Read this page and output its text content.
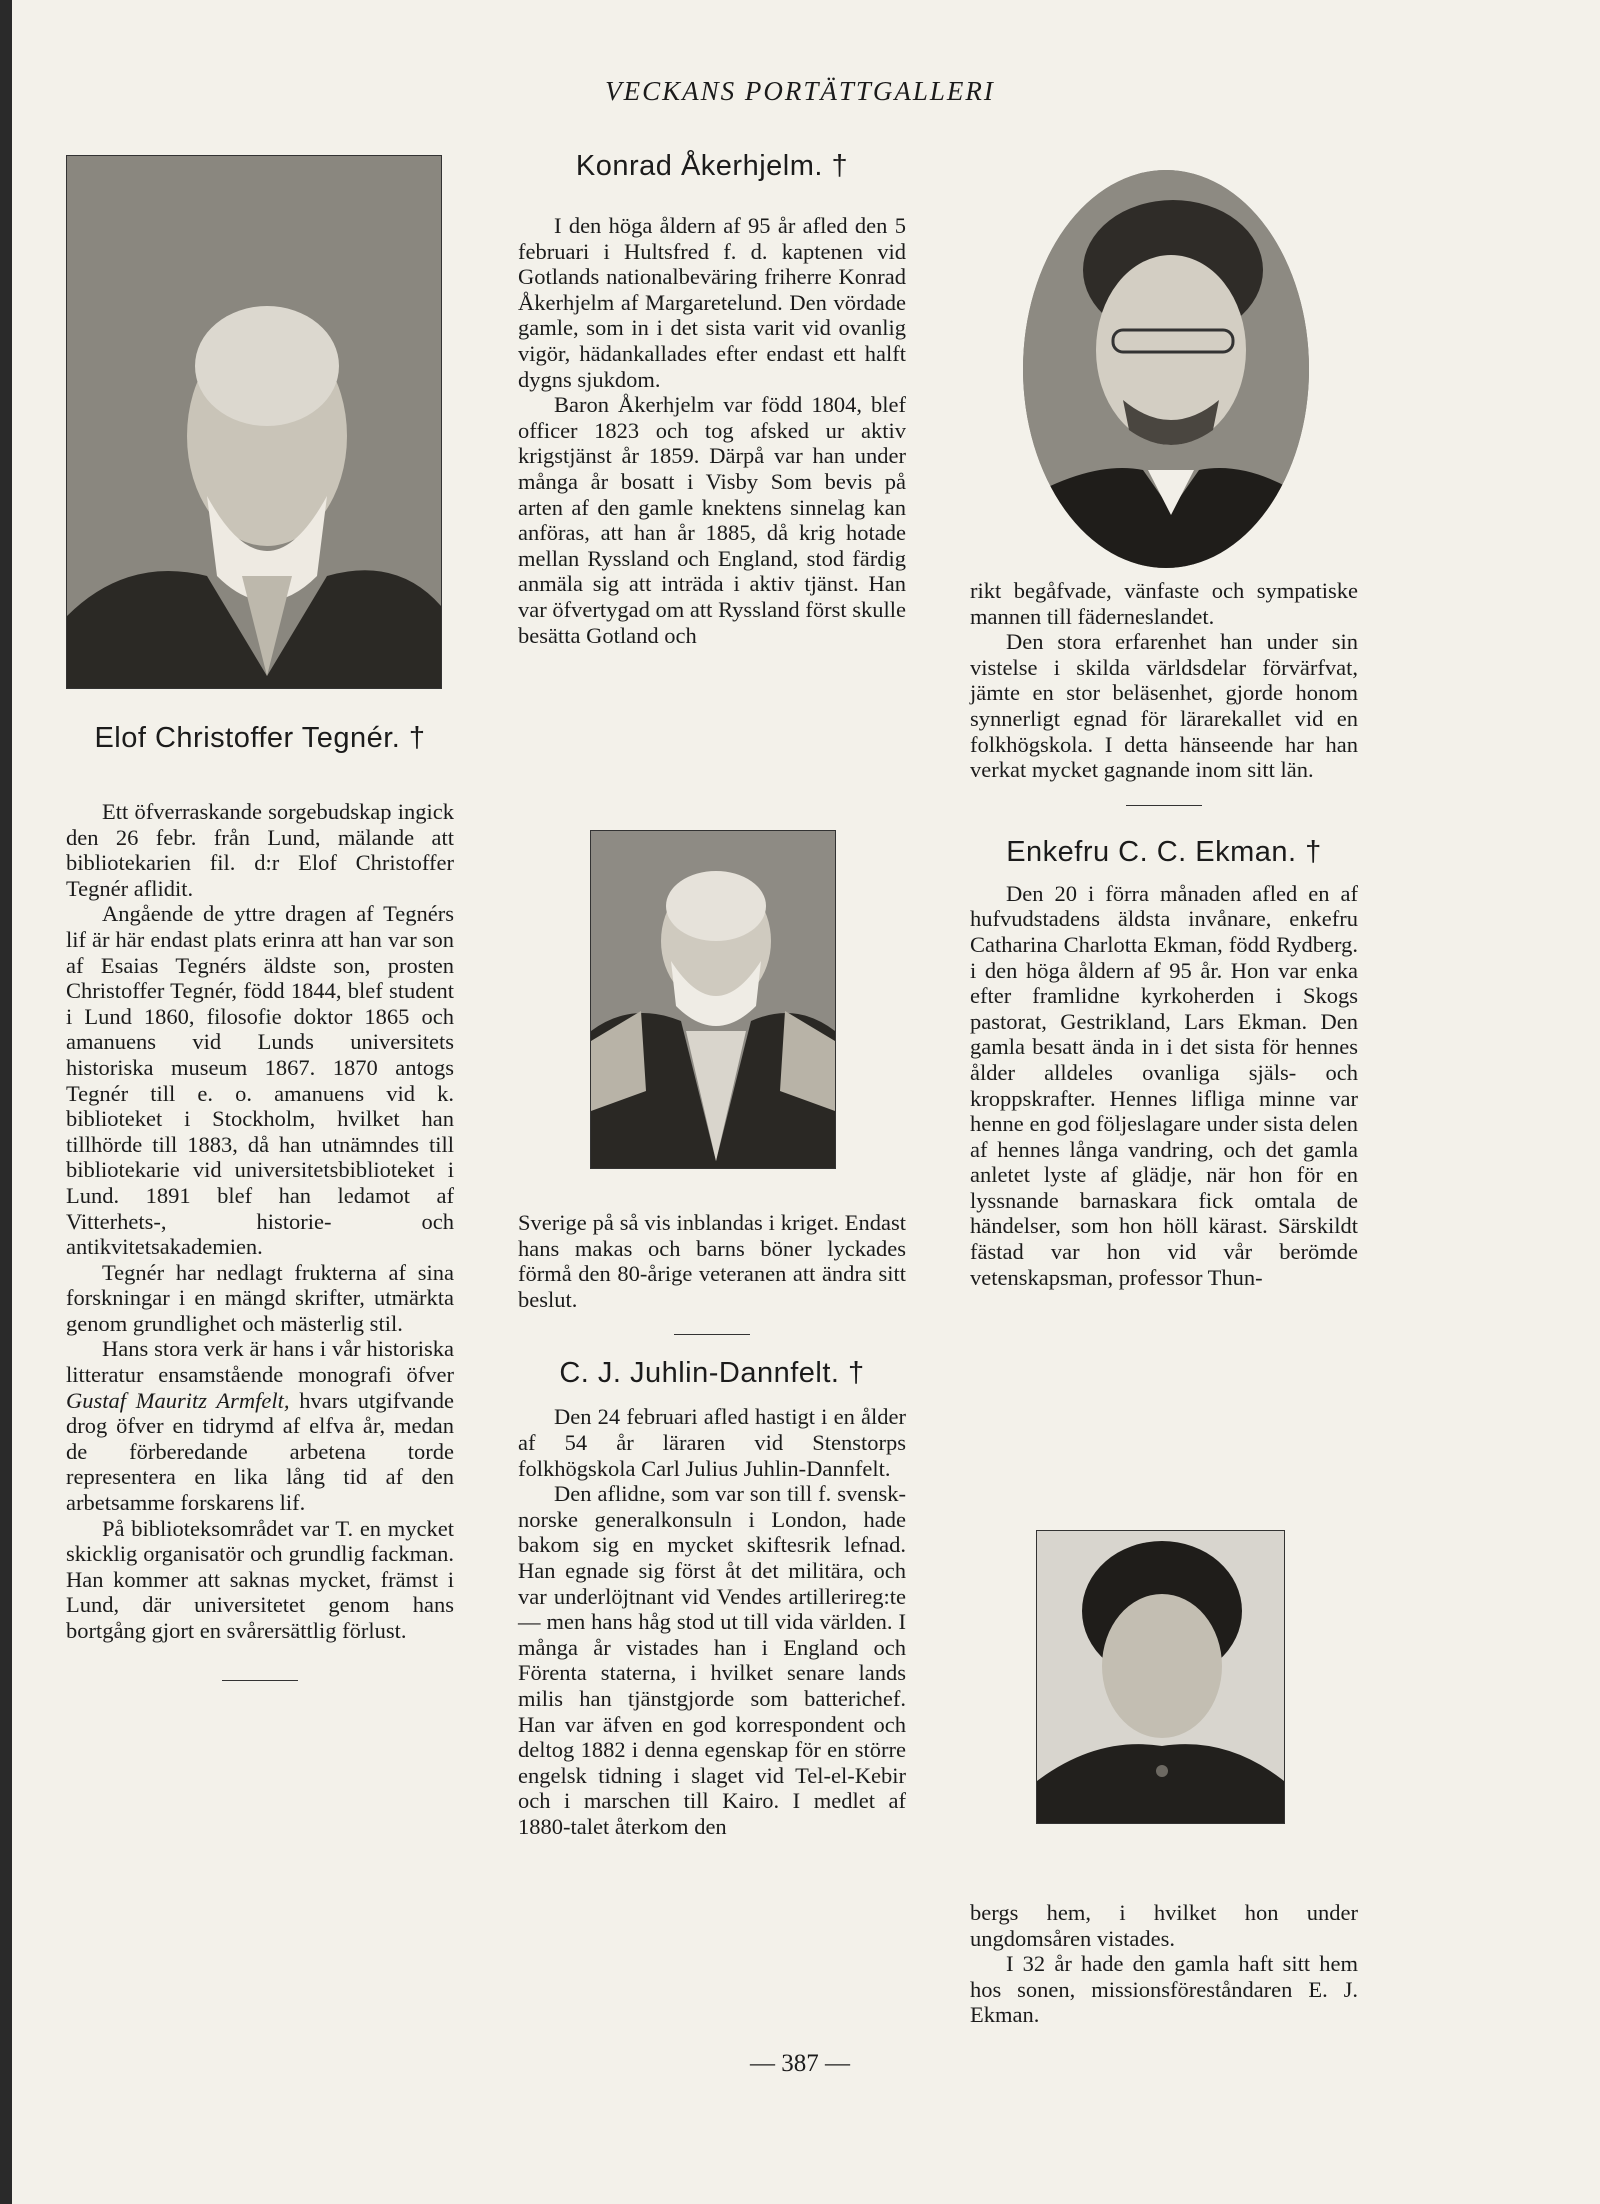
VECKANS PORTÄTTGALLERI
Elof Christoffer Tegnér. †

Ett öfverraskande sorgebudskap ingick den 26 febr. från Lund, mälande att bibliotekarien fil. d:r Elof Christoffer Tegnér aflidit.

Angående de yttre dragen af Tegnérs lif är här endast plats erinra att han var son af Esaias Tegnérs äldste son, prosten Christoffer Tegnér, född 1844, blef student i Lund 1860, filosofie doktor 1865 och amanuens vid Lunds universitets historiska museum 1867. 1870 antogs Tegnér till e. o. amanuens vid k. biblioteket i Stockholm, hvilket han tillhörde till 1883, då han utnämndes till bibliotekarie vid universitetsbiblioteket i Lund. 1891 blef han ledamot af Vitterhets-, historie- och antikvitetsakademien.

Tegnér har nedlagt frukterna af sina forskningar i en mängd skrifter, utmärkta genom grundlighet och mästerlig stil.

Hans stora verk är hans i vår historiska litteratur ensamstående monografi öfver Gustaf Mauritz Armfelt, hvars utgifvande drog öfver en tidrymd af elfva år, medan de förberedande arbetena torde representera en lika lång tid af den arbetsamme forskarens lif.

På biblioteksområdet var T. en mycket skicklig organisatör och grundlig fackman. Han kommer att saknas mycket, främst i Lund, där universitetet genom hans bortgång gjort en svårersättlig förlust.

Konrad Åkerhjelm. †

I den höga åldern af 95 år afled den 5 februari i Hultsfred f. d. kaptenen vid Gotlands nationalbeväring friherre Konrad Åkerhjelm af Margaretelund. Den vördade gamle, som in i det sista varit vid ovanlig vigör, hädankallades efter endast ett halft dygns sjukdom.

Baron Åkerhjelm var född 1804, blef officer 1823 och tog afsked ur aktiv krigstjänst år 1859. Därpå var han under många år bosatt i Visby Som bevis på arten af den gamle knektens sinnelag kan anföras, att han år 1885, då krig hotade mellan Ryssland och England, stod färdig anmäla sig att inträda i aktiv tjänst. Han var öfvertygad om att Ryssland först skulle besätta Gotland och

Sverige på så vis inblandas i kriget. Endast hans makas och barns böner lyckades förmå den 80-årige veteranen att ändra sitt beslut.

C. J. Juhlin-Dannfelt. †

Den 24 februari afled hastigt i en ålder af 54 år läraren vid Stenstorps folkhögskola Carl Julius Juhlin-Dannfelt.

Den aflidne, som var son till f. svensk-norske generalkonsuln i London, hade bakom sig en mycket skiftesrik lefnad. Han egnade sig först åt det militära, och var underlöjtnant vid Vendes artillerireg:te — men hans håg stod ut till vida världen. I många år vistades han i England och Förenta staterna, i hvilket senare lands milis han tjänstgjorde som batterichef. Han var äfven en god korrespondent och deltog 1882 i denna egenskap för en större engelsk tidning i slaget vid Tel-el-Kebir och i marschen till Kairo. I medlet af 1880-talet återkom den

rikt begåfvade, vänfaste och sympatiske mannen till fäderneslandet.

Den stora erfarenhet han under sin vistelse i skilda världsdelar förvärfvat, jämte en stor beläsenhet, gjorde honom synnerligt egnad för lärarekallet vid en folkhögskola. I detta hänseende har han verkat mycket gagnande inom sitt län.

Enkefru C. C. Ekman. †

Den 20 i förra månaden afled en af hufvudstadens äldsta invånare, enkefru Catharina Charlotta Ekman, född Rydberg. i den höga åldern af 95 år. Hon var enka efter framlidne kyrkoherden i Skogs pastorat, Gestrikland, Lars Ekman. Den gamla besatt ända in i det sista för hennes ålder alldeles ovanliga själs- och kroppskrafter. Hennes lifliga minne var henne en god följeslagare under sista delen af hennes långa vandring, och det gamla anletet lyste af glädje, när hon för en lyssnande barnaskara fick omtala de händelser, som hon höll kärast. Särskildt fästad var hon vid vår berömde vetenskapsman, professor Thun-

bergs hem, i hvilket hon under ungdomsåren vistades.

I 32 år hade den gamla haft sitt hem hos sonen, missionsföreståndaren E. J. Ekman.

— 387 —
